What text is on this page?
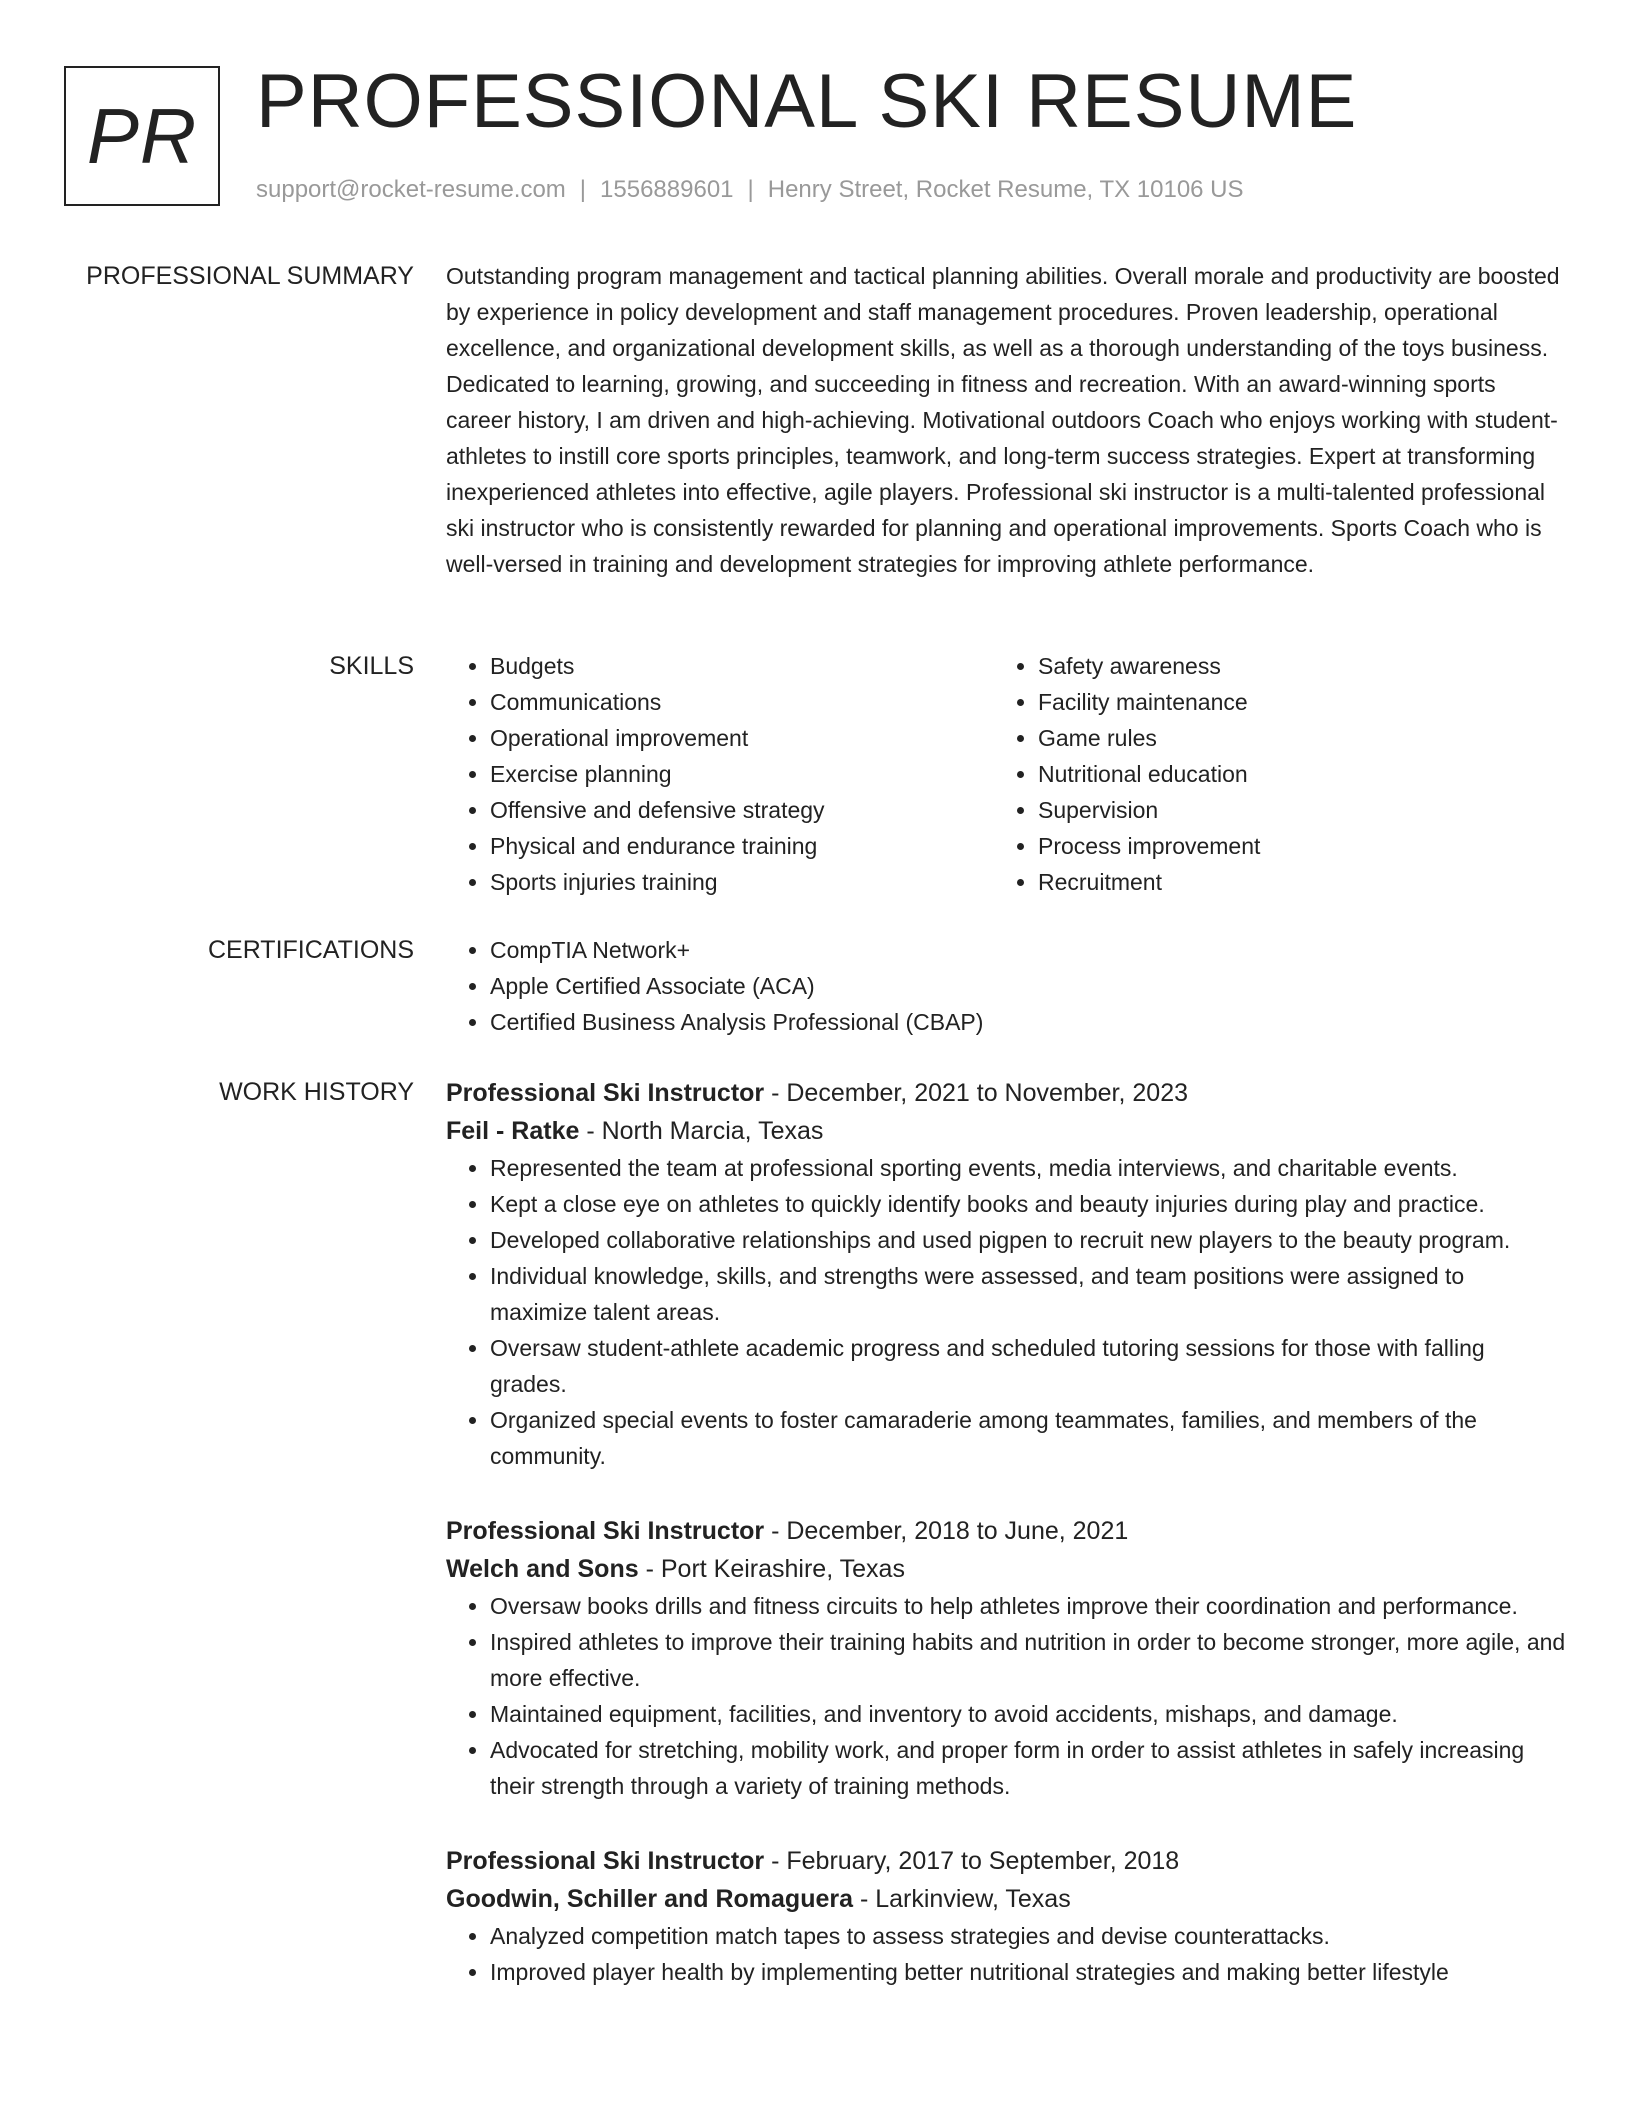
PR PROFESSIONAL SKI RESUME
support@rocket-resume.com | 1556889601 | Henry Street, Rocket Resume, TX 10106 US
PROFESSIONAL SUMMARY Outstanding program management and tactical planning abilities. Overall morale and productivity are boosted by experience in policy development and staff management procedures. Proven leadership, operational excellence, and organizational development skills, as well as a thorough understanding of the toys business. Dedicated to learning, growing, and succeeding in fitness and recreation. With an award-winning sports career history, I am driven and high-achieving. Motivational outdoors Coach who enjoys working with student-athletes to instill core sports principles, teamwork, and long-term success strategies. Expert at transforming inexperienced athletes into effective, agile players. Professional ski instructor is a multi-talented professional ski instructor who is consistently rewarded for planning and operational improvements. Sports Coach who is well-versed in training and development strategies for improving athlete performance.

SKILLS	• Budgets
• Communications
• Operational improvement
• Exercise planning
• Offensive and defensive strategy
• Physical and endurance training
• Sports injuries training
• Safety awareness
• Facility maintenance
• Game rules
• Nutritional education
• Supervision
• Process improvement
• Recruitment
CERTIFICATIONS	• CompTIA Network+
• Apple Certified Associate (ACA)
• Certified Business Analysis Professional (CBAP)
WORK HISTORY Professional Ski Instructor - December, 2021 to November, 2023
Feil - Ratke - North Marcia, Texas
• Represented the team at professional sporting events, media interviews, and charitable events.
• Kept a close eye on athletes to quickly identify books and beauty injuries during play and practice.
• Developed collaborative relationships and used pigpen to recruit new players to the beauty program.
• Individual knowledge, skills, and strengths were assessed, and team positions were assigned to maximize talent areas.
• Oversaw student-athlete academic progress and scheduled tutoring sessions for those with falling grades.
• Organized special events to foster camaraderie among teammates, families, and members of the community.
Professional Ski Instructor - December, 2018 to June, 2021
Welch and Sons - Port Keirashire, Texas
• Oversaw books drills and fitness circuits to help athletes improve their coordination and performance.
• Inspired athletes to improve their training habits and nutrition in order to become stronger, more agile, and more effective.
• Maintained equipment, facilities, and inventory to avoid accidents, mishaps, and damage.
• Advocated for stretching, mobility work, and proper form in order to assist athletes in safely increasing their strength through a variety of training methods.
Professional Ski Instructor - February, 2017 to September, 2018
Goodwin, Schiller and Romaguera - Larkinview, Texas
• Analyzed competition match tapes to assess strategies and devise counterattacks.
• Improved player health by implementing better nutritional strategies and making better lifestyle
